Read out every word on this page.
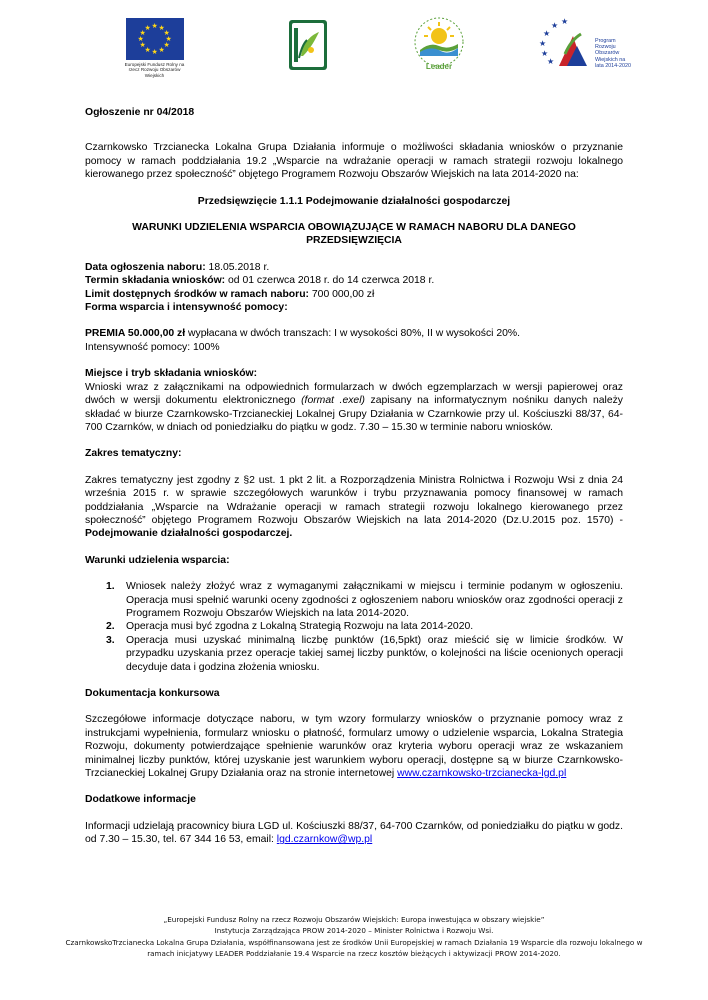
★ ★
★
★
★
★
★
★
★
★
★
★
Europejski Fundusz Rolny na rzecz Rozwoju Obszarów Wiejskich
Leader
★
★
★ ★
★
★
Program Rozwoju Obszarów Wiejskich na lata 2014-2020

Ogłoszenie nr 04/2018

Czarnkowsko Trzcianecka Lokalna Grupa Działania informuje o możliwości składania wniosków o przyznanie pomocy w ramach poddziałania 19.2 „Wsparcie na wdrażanie operacji w ramach strategii rozwoju lokalnego kierowanego przez społeczność” objętego Programem Rozwoju Obszarów Wiejskich na lata 2014-2020 na:

Przedsięwzięcie 1.1.1 Podejmowanie działalności gospodarczej

WARUNKI UDZIELENIA WSPARCIA OBOWIĄZUJĄCE W RAMACH NABORU DLA DANEGO PRZEDSIĘWZIĘCIA

Data ogłoszenia naboru: 18.05.2018 r.

Termin składania wniosków: od 01 czerwca 2018 r. do 14 czerwca 2018 r.

Limit dostępnych środków w ramach naboru: 700 000,00 zł

Forma wsparcia i intensywność pomocy:

PREMIA 50.000,00 zł wypłacana w dwóch transzach: I w wysokości 80%, II w wysokości 20%.

Intensywność pomocy: 100%

Miejsce i tryb składania wniosków:

Wnioski wraz z załącznikami na odpowiednich formularzach w dwóch egzemplarzach w wersji papierowej oraz dwóch w wersji dokumentu elektronicznego (format .exel) zapisany na informatycznym nośniku danych należy składać w biurze Czarnkowsko-Trzcianeckiej Lokalnej Grupy Działania w Czarnkowie przy ul. Kościuszki 88/37, 64-700 Czarnków, w dniach od poniedziałku do piątku w godz. 7.30 – 15.30 w terminie naboru wniosków.

Zakres tematyczny:

Zakres tematyczny jest zgodny z §2 ust. 1 pkt 2 lit. a Rozporządzenia Ministra Rolnictwa i Rozwoju Wsi z dnia 24 września 2015 r. w sprawie szczegółowych warunków i trybu przyznawania pomocy finansowej w ramach poddziałania „Wsparcie na Wdrażanie operacji w ramach strategii rozwoju lokalnego kierowanego przez społeczność” objętego Programem Rozwoju Obszarów Wiejskich na lata 2014-2020 (Dz.U.2015 poz. 1570) - Podejmowanie działalności gospodarczej.

Warunki udzielenia wsparcia:

1. Wniosek należy złożyć wraz z wymaganymi załącznikami w miejscu i terminie podanym w ogłoszeniu. Operacja musi spełnić warunki oceny zgodności z ogłoszeniem naboru wniosków oraz zgodności operacji z Programem Rozwoju Obszarów Wiejskich na lata 2014-2020.
2. Operacja musi być zgodna z Lokalną Strategią Rozwoju na lata 2014-2020.
3. Operacja musi uzyskać minimalną liczbę punktów (16,5pkt) oraz mieścić się w limicie środków. W przypadku uzyskania przez operacje takiej samej liczby punktów, o kolejności na liście ocenionych operacji decyduje data i godzina złożenia wniosku.

Dokumentacja konkursowa

Szczegółowe informacje dotyczące naboru, w tym wzory formularzy wniosków o przyznanie pomocy wraz z instrukcjami wypełnienia, formularz wniosku o płatność, formularz umowy o udzielenie wsparcia, Lokalna Strategia Rozwoju, dokumenty potwierdzające spełnienie warunków oraz kryteria wyboru operacji wraz ze wskazaniem minimalnej liczby punktów, której uzyskanie jest warunkiem wyboru operacji, dostępne są w biurze Czarnkowsko-Trzcianeckiej Lokalnej Grupy Działania oraz na stronie internetowej www.czarnkowsko-trzcianecka-lgd.pl

Dodatkowe informacje

Informacji udzielają pracownicy biura LGD ul. Kościuszki 88/37, 64-700 Czarnków, od poniedziałku do piątku w godz. od 7.30 – 15.30, tel. 67 344 16 53, email: lgd.czarnkow@wp.pl

„Europejski Fundusz Rolny na rzecz Rozwoju Obszarów Wiejskich: Europa inwestująca w obszary wiejskie”
Instytucja Zarządzająca PROW 2014-2020 – Minister Rolnictwa i Rozwoju Wsi.
CzarnkowskoTrzcianecka Lokalna Grupa Działania, współfinansowana jest ze środków Unii Europejskiej w ramach Działania 19 Wsparcie dla rozwoju lokalnego w ramach inicjatywy LEADER Poddziałanie 19.4 Wsparcie na rzecz kosztów bieżących i aktywizacji PROW 2014-2020.
